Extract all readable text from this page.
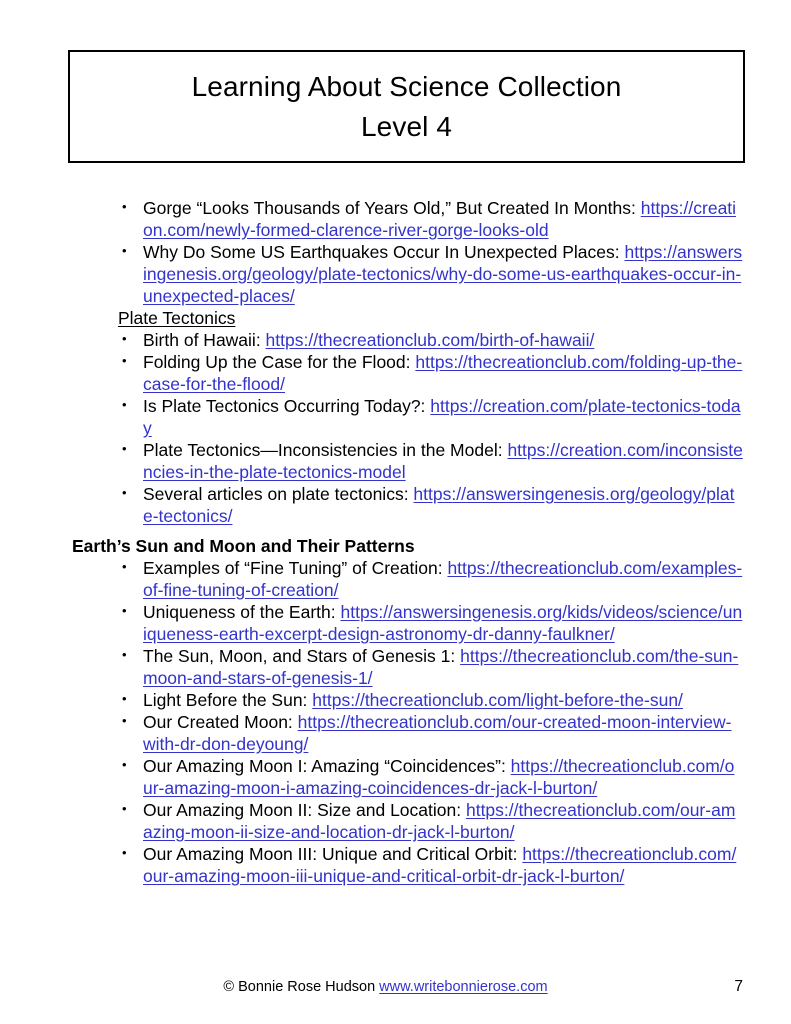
Learning About Science Collection
Level 4
• Gorge “Looks Thousands of Years Old,” But Created In Months: https://creation.com/newly-formed-clarence-river-gorge-looks-old
• Why Do Some US Earthquakes Occur In Unexpected Places: https://answersingenesis.org/geology/plate-tectonics/why-do-some-us-earthquakes-occur-in-unexpected-places/
Plate Tectonics
• Birth of Hawaii: https://thecreationclub.com/birth-of-hawaii/
• Folding Up the Case for the Flood: https://thecreationclub.com/folding-up-the-case-for-the-flood/
• Is Plate Tectonics Occurring Today?: https://creation.com/plate-tectonics-today
• Plate Tectonics—Inconsistencies in the Model: https://creation.com/inconsistencies-in-the-plate-tectonics-model
• Several articles on plate tectonics: https://answersingenesis.org/geology/plate-tectonics/
Earth’s Sun and Moon and Their Patterns
• Examples of “Fine Tuning” of Creation: https://thecreationclub.com/examples-of-fine-tuning-of-creation/
• Uniqueness of the Earth: https://answersingenesis.org/kids/videos/science/uniqueness-earth-excerpt-design-astronomy-dr-danny-faulkner/
• The Sun, Moon, and Stars of Genesis 1: https://thecreationclub.com/the-sun-moon-and-stars-of-genesis-1/
• Light Before the Sun: https://thecreationclub.com/light-before-the-sun/
• Our Created Moon: https://thecreationclub.com/our-created-moon-interview-with-dr-don-deyoung/
• Our Amazing Moon I: Amazing “Coincidences”: https://thecreationclub.com/our-amazing-moon-i-amazing-coincidences-dr-jack-l-burton/
• Our Amazing Moon II: Size and Location: https://thecreationclub.com/our-amazing-moon-ii-size-and-location-dr-jack-l-burton/
• Our Amazing Moon III: Unique and Critical Orbit: https://thecreationclub.com/our-amazing-moon-iii-unique-and-critical-orbit-dr-jack-l-burton/
© Bonnie Rose Hudson www.writebonnierose.com	7
